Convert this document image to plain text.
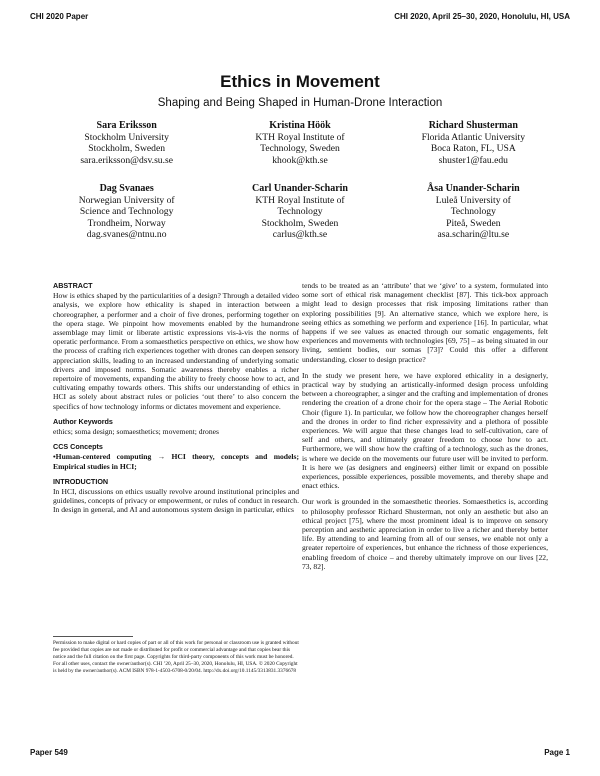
CHI 2020 Paper	CHI 2020, April 25–30, 2020, Honolulu, HI, USA
Ethics in Movement
Shaping and Being Shaped in Human-Drone Interaction
Sara Eriksson
Stockholm University
Stockholm, Sweden
sara.eriksson@dsv.su.se
Kristina Höök
KTH Royal Institute of
Technology, Sweden
khook@kth.se
Richard Shusterman
Florida Atlantic University
Boca Raton, FL, USA
shuster1@fau.edu
Dag Svanaes
Norwegian University of
Science and Technology
Trondheim, Norway
dag.svanes@ntnu.no
Carl Unander-Scharin
KTH Royal Institute of
Technology
Stockholm, Sweden
carlus@kth.se
Åsa Unander-Scharin
Luleå University of
Technology
Piteå, Sweden
asa.scharin@ltu.se
ABSTRACT
How is ethics shaped by the particularities of a design? Through a detailed video analysis, we explore how ethicality is shaped in interaction between a choreographer, a performer and a choir of five drones, performing together on the opera stage. We pinpoint how movements enabled by the humandrone assemblage may limit or liberate artistic expressions vis-à-vis the norms of operatic performance. From a somaesthetics perspective on ethics, we show how the process of crafting rich experiences together with drones can deepen sensory appreciation skills, leading to an increased understanding of underlying somatic drivers and imposed norms. Somatic awareness thereby enables a richer repertoire of movements, expanding the ability to freely choose how to act, and cultivating empathy towards others. This shifts our understanding of ethics in HCI as solely about abstract rules or policies ‘out there’ to also concern the specifics of how technology informs or dictates movement and experience.
Author Keywords
ethics; soma design; somaesthetics; movement; drones
CCS Concepts
•Human-centered computing → HCI theory, concepts and models; Empirical studies in HCI;
INTRODUCTION
In HCI, discussions on ethics usually revolve around institutional principles and guidelines, concepts of privacy or empowerment, or rules of conduct in research. In design in general, and AI and autonomous system design in particular, ethics
Permission to make digital or hard copies of part or all of this work for personal or classroom use is granted without fee provided that copies are not made or distributed for profit or commercial advantage and that copies bear this notice and the full citation on the first page. Copyrights for third-party components of this work must be honored. For all other uses, contact the owner/author(s). CHI ’20, April 25–30, 2020, Honolulu, HI, USA. © 2020 Copyright is held by the owner/author(s). ACM ISBN 978-1-4503-6708-0/20/04. http://dx.doi.org/10.1145/3313831.3376678
tends to be treated as an ‘attribute’ that we ‘give’ to a system, formulated into some sort of ethical risk management checklist [87]. This tick-box approach might lead to design processes that risk imposing limitations rather than exploring possibilities [9]. An alternative stance, which we explore here, is seeing ethics as something we perform and experience [16]. In particular, what happens if we see values as enacted through our somatic engagements, felt experiences and movements with technologies [69, 75] – as being situated in our living, sentient bodies, our somas [73]? Could this offer a different understanding, closer to design practice?
In the study we present here, we have explored ethicality in a designerly, practical way by studying an artistically-informed design process unfolding between a choreographer, a singer and the crafting and implementation of drones rendering the creation of a drone choir for the opera stage – The Aerial Robotic Choir (figure 1). In particular, we follow how the choreographer changes herself and the drones in order to find richer expressivity and a plethora of possible experiences. We will argue that these changes lead to self-cultivation, care of self and others, and ultimately greater freedom to choose how to act. Furthermore, we will show how the crafting of a technology, such as the drones, is where we decide on the movements our future user will be invited to perform. It is here we (as designers and engineers) either limit or expand on possible experiences, possible experiences, possible movements, and thereby shape and enact ethics.
Our work is grounded in the somaesthetic theories. Somaesthetics is, according to philosophy professor Richard Shusterman, not only an aesthetic but also an ethical project [75], where the most prominent ideal is to improve on sensory perception and aesthetic appreciation in order to live a richer and thereby better life. By attending to and learning from all of our senses, we enable not only a greater repertoire of experiences, but enhance the richness of those experiences, enabling freedom of choice – and thereby ultimately improve on our lives [22, 73, 82].
Paper 549	Page 1
